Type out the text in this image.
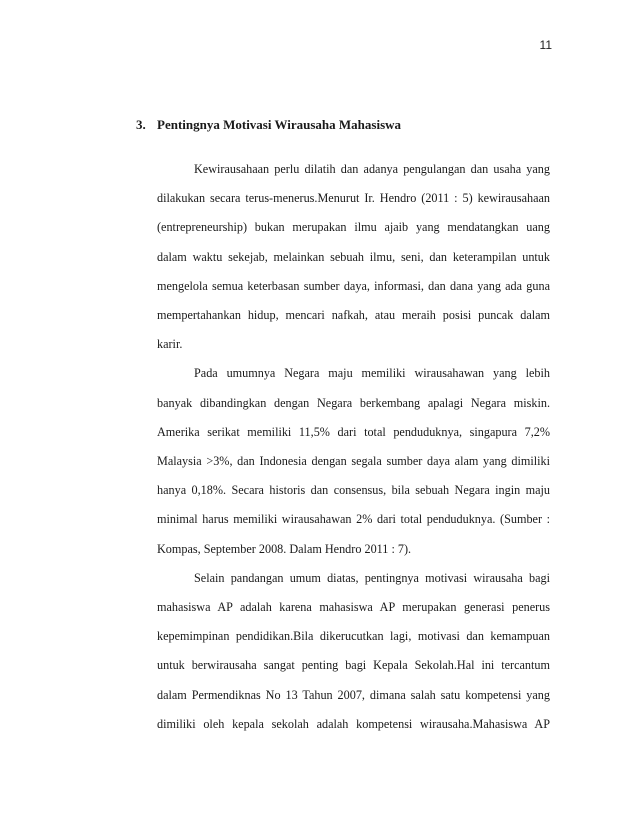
11
3. Pentingnya Motivasi Wirausaha Mahasiswa
Kewirausahaan perlu dilatih dan adanya pengulangan dan usaha yang
dilakukan secara terus-menerus.Menurut Ir. Hendro (2011 : 5) kewirausahaan
(entrepreneurship) bukan merupakan ilmu ajaib yang mendatangkan uang
dalam waktu sekejab, melainkan sebuah ilmu, seni, dan keterampilan untuk
mengelola semua keterbasan sumber daya, informasi, dan dana yang ada guna
mempertahankan hidup, mencari nafkah, atau meraih posisi puncak dalam
karir.
Pada umumnya Negara maju memiliki wirausahawan yang lebih
banyak dibandingkan dengan Negara berkembang apalagi Negara miskin.
Amerika serikat memiliki 11,5% dari total penduduknya, singapura 7,2%
Malaysia >3%, dan Indonesia dengan segala sumber daya alam yang dimiliki
hanya 0,18%. Secara historis dan consensus, bila sebuah Negara ingin maju
minimal harus memiliki wirausahawan 2% dari total penduduknya. (Sumber :
Kompas, September 2008. Dalam Hendro 2011 : 7).
Selain pandangan umum diatas, pentingnya motivasi wirausaha bagi
mahasiswa AP adalah karena mahasiswa AP merupakan generasi penerus
kepemimpinan pendidikan.Bila dikerucutkan lagi, motivasi dan kemampuan
untuk berwirausaha sangat penting bagi Kepala Sekolah.Hal ini tercantum
dalam Permendiknas No 13 Tahun 2007, dimana salah satu kompetensi yang
dimiliki oleh kepala sekolah adalah kompetensi wirausaha.Mahasiswa AP
